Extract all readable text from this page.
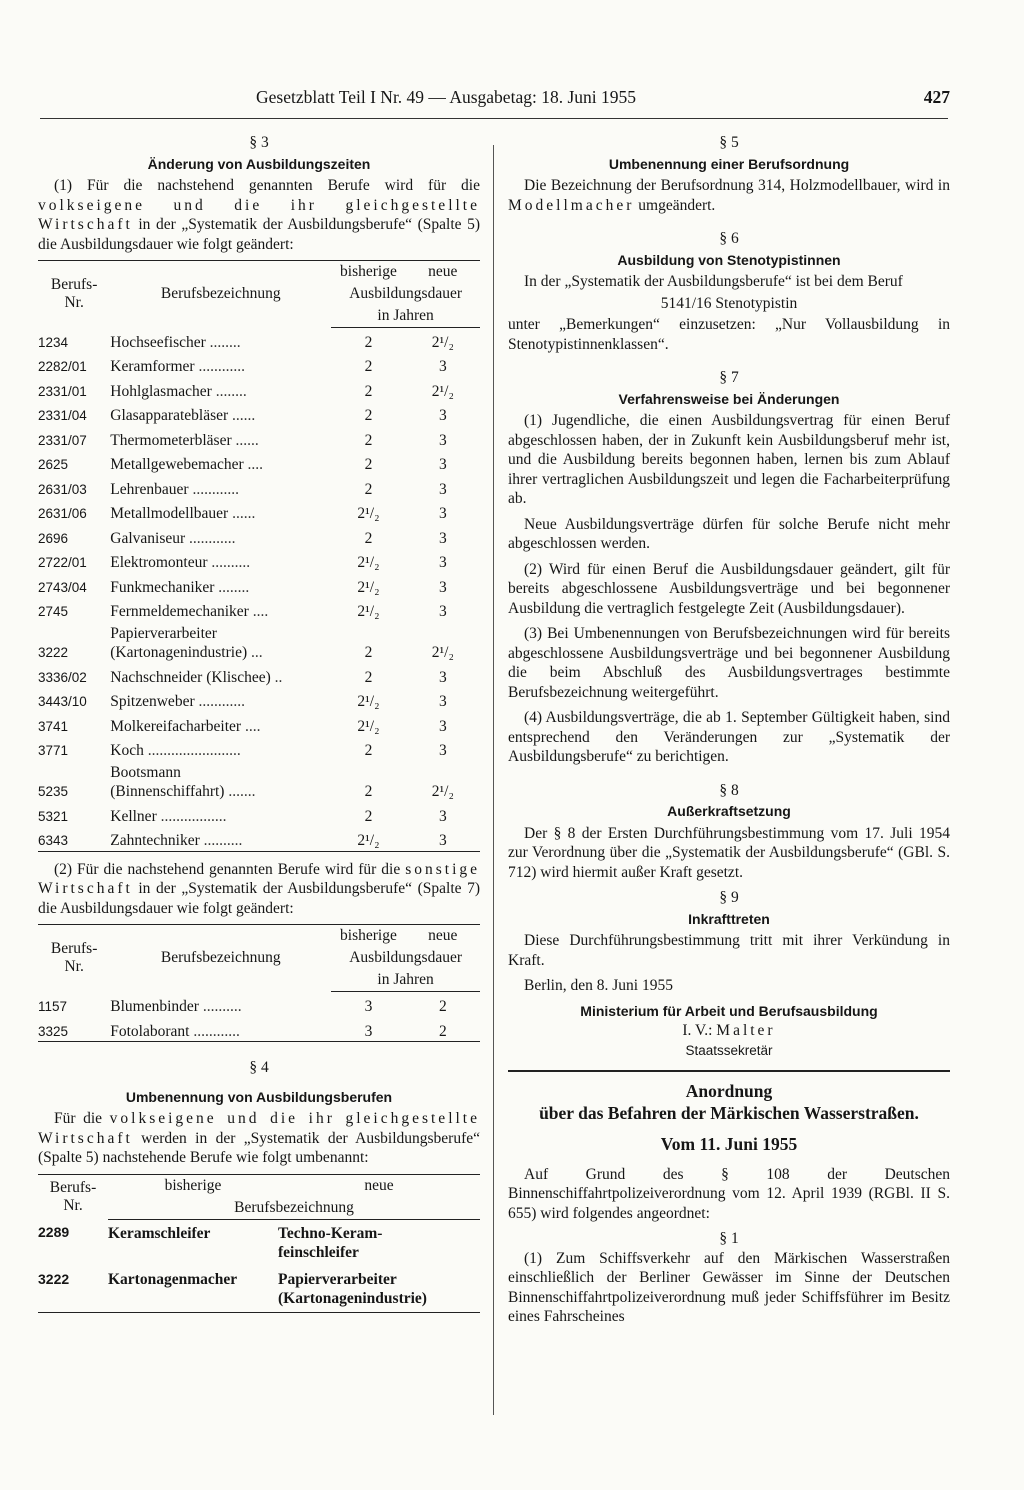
Gesetzblatt Teil I Nr. 49 — Ausgabetag: 18. Juni 1955	427

§ 3

Änderung von Ausbildungszeiten

(1) Für die nachstehend genannten Berufe wird für die volkseigene und die ihr gleichgestellte Wirtschaft in der „Systematik der Ausbildungsberufe“ (Spalte 5) die Ausbildungsdauer wie folgt geändert:

Berufs-
Nr.	Berufsbezeichnung	bisherige	neue
		Ausbildungsdauer	
		in Jahren	

1234	Hochseefischer ........	2	2¹/₂
2282/01	Keramformer ............	2	3
2331/01	Hohlglasmacher ........	2	2¹/₂
2331/04	Glasapparatebläser ......	2	3
2331/07	Thermometerbläser ......	2	3
2625	Metallgewebemacher ....	2	3
2631/03	Lehrenbauer ............	2	3
2631/06	Metallmodellbauer ......	2¹/₂	3
2696	Galvaniseur ............	2	3
2722/01	Elektromonteur ..........	2¹/₂	3
2743/04	Funkmechaniker ........	2¹/₂	3
2745	Fernmeldemechaniker ....	2¹/₂	3
3222	Papierverarbeiter
(Kartonagenindustrie) ...	2	2¹/₂
3336/02	Nachschneider (Klischee) ..	2	3
3443/10	Spitzenweber ............	2¹/₂	3
3741	Molkereifacharbeiter ....	2¹/₂	3
3771	Koch ........................	2	3
5235	Bootsmann
(Binnenschiffahrt) .......	2	2¹/₂
5321	Kellner .................	2	3
6343	Zahntechniker ..........	2¹/₂	3

(2) Für die nachstehend genannten Berufe wird für die sonstige Wirtschaft in der „Systematik der Ausbildungsberufe“ (Spalte 7) die Ausbildungsdauer wie folgt geändert:

Berufs-
Nr.	Berufsbezeichnung	bisherige	neue
		Ausbildungsdauer	
		in Jahren	
1157	Blumenbinder ..........	3	2
3325	Fotolaborant ............	3	2

§ 4

Umbenennung von Ausbildungsberufen

Für die volkseigene und die ihr gleichgestellte Wirtschaft werden in der „Systematik der Ausbildungsberufe“ (Spalte 5) nachstehende Berufe wie folgt umbenannt:

Berufs-
Nr.	bisherige	neue
	Berufsbezeichnung	
2289	Keramschleifer	Techno-Keram-
feinschleifer
3222	Kartonagenmacher	Papierverarbeiter
(Kartonagenindustrie)

§ 5

Umbenennung einer Berufsordnung

Die Bezeichnung der Berufsordnung 314, Holzmodellbauer, wird in Modellmacher umgeändert.

§ 6

Ausbildung von Stenotypistinnen

In der „Systematik der Ausbildungsberufe“ ist bei dem Beruf

5141/16 Stenotypistin

unter „Bemerkungen“ einzusetzen: „Nur Vollausbildung in Stenotypistinnenklassen“.

§ 7

Verfahrensweise bei Änderungen

(1) Jugendliche, die einen Ausbildungsvertrag für einen Beruf abgeschlossen haben, der in Zukunft kein Ausbildungsberuf mehr ist, und die Ausbildung bereits begonnen haben, lernen bis zum Ablauf ihrer vertraglichen Ausbildungszeit und legen die Facharbeiterprüfung ab.

Neue Ausbildungsverträge dürfen für solche Berufe nicht mehr abgeschlossen werden.

(2) Wird für einen Beruf die Ausbildungsdauer geändert, gilt für bereits abgeschlossene Ausbildungsverträge und bei begonnener Ausbildung die vertraglich festgelegte Zeit (Ausbildungsdauer).

(3) Bei Umbenennungen von Berufsbezeichnungen wird für bereits abgeschlossene Ausbildungsverträge und bei begonnener Ausbildung die beim Abschluß des Ausbildungsvertrages bestimmte Berufsbezeichnung weitergeführt.

(4) Ausbildungsverträge, die ab 1. September Gültigkeit haben, sind entsprechend den Veränderungen zur „Systematik der Ausbildungsberufe“ zu berichtigen.

§ 8

Außerkraftsetzung

Der § 8 der Ersten Durchführungsbestimmung vom 17. Juli 1954 zur Verordnung über die „Systematik der Ausbildungsberufe“ (GBl. S. 712) wird hiermit außer Kraft gesetzt.

§ 9

Inkrafttreten

Diese Durchführungsbestimmung tritt mit ihrer Verkündung in Kraft.

Berlin, den 8. Juni 1955

Ministerium für Arbeit und Berufsausbildung

I. V.: Malter

Staatssekretär

Anordnung

über das Befahren der Märkischen Wasserstraßen.

Vom 11. Juni 1955

Auf Grund des § 108 der Deutschen Binnenschiffahrtpolizeiverordnung vom 12. April 1939 (RGBl. II S. 655) wird folgendes angeordnet:

§ 1

(1) Zum Schiffsverkehr auf den Märkischen Wasserstraßen einschließlich der Berliner Gewässer im Sinne der Deutschen Binnenschiffahrtpolizeiverordnung muß jeder Schiffsführer im Besitz eines Fahrscheines
